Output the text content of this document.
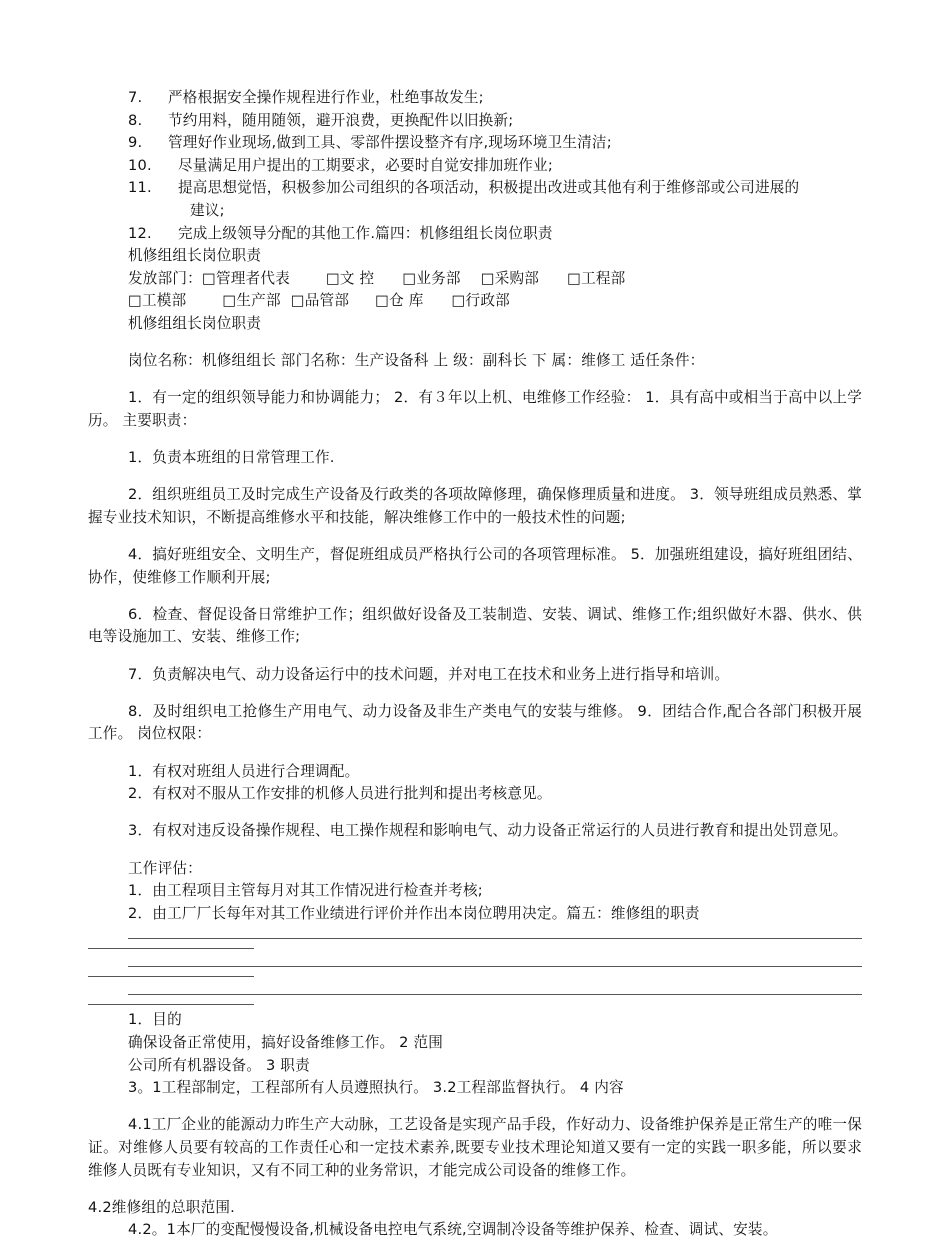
7. 严格根据安全操作规程进行作业，杜绝事故发生;
8. 节约用料，随用随领，避开浪费，更换配件以旧换新;
9. 管理好作业现场,做到工具、零部件摆设整齐有序,现场环境卫生清洁;
10. 尽量满足用户提出的工期要求，必要时自觉安排加班作业;
11. 提高思想觉悟，积极参加公司组织的各项活动，积极提出改进或其他有利于维修部或公司进展的
建议;
12. 完成上级领导分配的其他工作.篇四：机修组组长岗位职责
机修组组长岗位职责
发放部门：□管理者代表 □文 控 □业务部 □采购部 □工程部
□工模部 □生产部 □品管部 □仓 库 □行政部
机修组组长岗位职责

岗位名称：机修组组长 部门名称：生产设备科 上 级：副科长 下 属：维修工 适任条件：

1．有一定的组织领导能力和协调能力； 2．有３年以上机、电维修工作经验： 1．具有高中或相当于高中以上学历。 主要职责：

1．负责本班组的日常管理工作.

2．组织班组员工及时完成生产设备及行政类的各项故障修理，确保修理质量和进度。 3．领导班组成员熟悉、掌握专业技术知识，不断提高维修水平和技能，解决维修工作中的一般技术性的问题;

4．搞好班组安全、文明生产，督促班组成员严格执行公司的各项管理标准。 5．加强班组建设，搞好班组团结、协作，使维修工作顺利开展;

6．检查、督促设备日常维护工作；组织做好设备及工装制造、安装、调试、维修工作;组织做好木器、供水、供电等设施加工、安装、维修工作;

7．负责解决电气、动力设备运行中的技术问题，并对电工在技术和业务上进行指导和培训。

8．及时组织电工抢修生产用电气、动力设备及非生产类电气的安装与维修。 9．团结合作,配合各部门积极开展工作。 岗位权限：

1．有权对班组人员进行合理调配。
2．有权对不服从工作安排的机修人员进行批判和提出考核意见。

3．有权对违反设备操作规程、电工操作规程和影响电气、动力设备正常运行的人员进行教育和提出处罚意见。

工作评估：
1．由工程项目主管每月对其工作情况进行检查并考核;
2．由工厂厂长每年对其工作业绩进行评价并作出本岗位聘用决定。篇五：维修组的职责
1．目的
确保设备正常使用，搞好设备维修工作。 2 范围
公司所有机器设备。 3 职责
3。1工程部制定，工程部所有人员遵照执行。 3.2工程部监督执行。 4 内容

4.1工厂企业的能源动力昨生产大动脉，工艺设备是实现产品手段，作好动力、设备维护保养是正常生产的唯一保证。对维修人员要有较高的工作责任心和一定技术素养,既要专业技术理论知道又要有一定的实践一职多能，所以要求维修人员既有专业知识，又有不同工种的业务常识，才能完成公司设备的维修工作。

4.2维修组的总职范围.
4.2。1本厂的变配慢慢设备,机械设备电控电气系统,空调制冷设备等维护保养、检查、调试、安装。
